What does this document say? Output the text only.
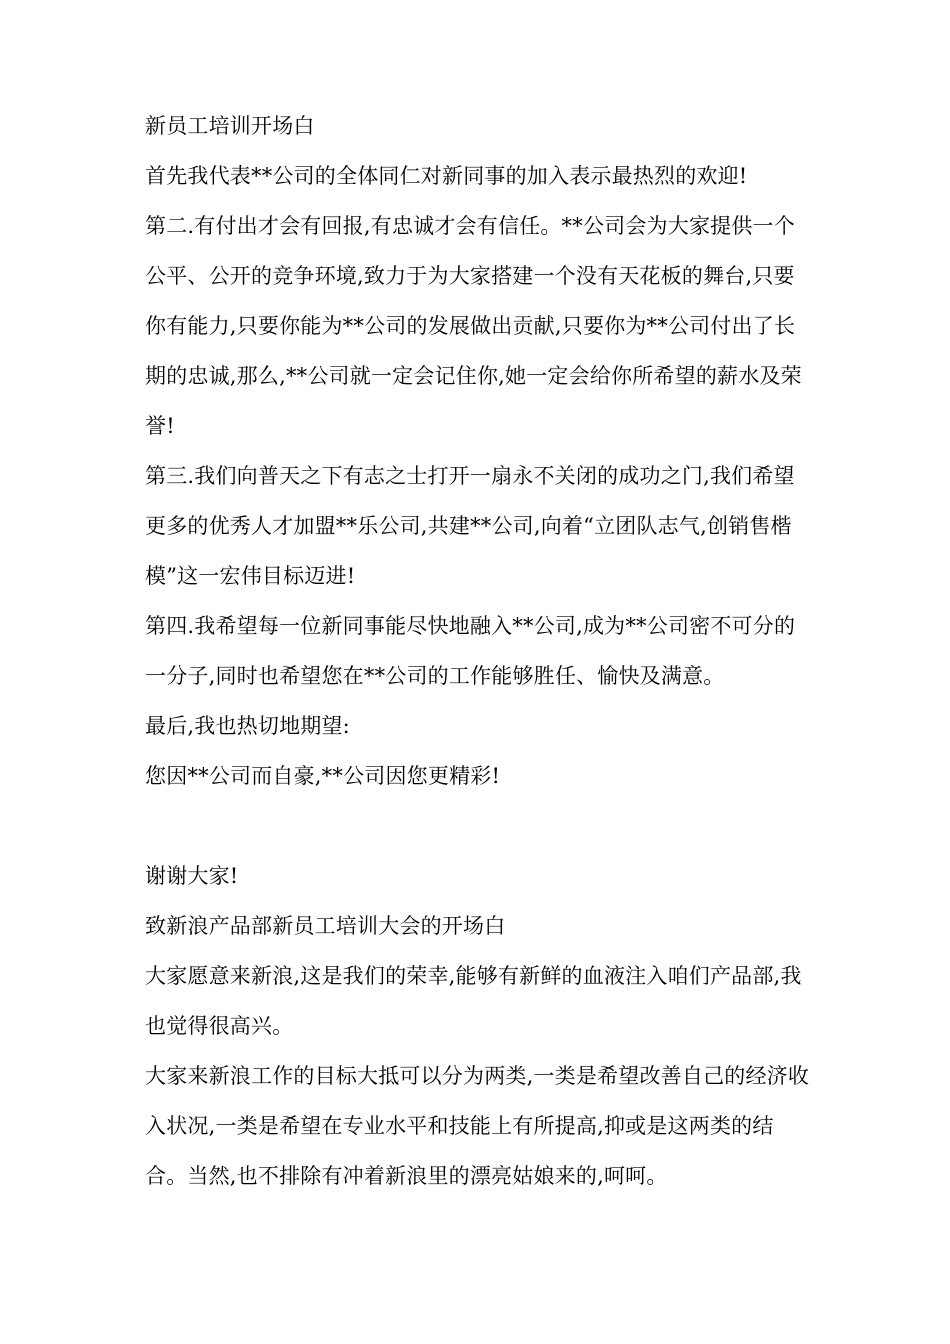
新员工培训开场白

首先我代表**公司的全体同仁对新同事的加入表示最热烈的欢迎!

第二.有付出才会有回报,有忠诚才会有信任。**公司会为大家提供一个公平、公开的竞争环境,致力于为大家搭建一个没有天花板的舞台,只要你有能力,只要你能为**公司的发展做出贡献,只要你为**公司付出了长期的忠诚,那么,**公司就一定会记住你,她一定会给你所希望的薪水及荣誉!

第三.我们向普天之下有志之士打开一扇永不关闭的成功之门,我们希望更多的优秀人才加盟**乐公司,共建**公司,向着“立团队志气,创销售楷模”这一宏伟目标迈进!

第四.我希望每一位新同事能尽快地融入**公司,成为**公司密不可分的一分子,同时也希望您在**公司的工作能够胜任、愉快及满意。

最后,我也热切地期望:

您因**公司而自豪,**公司因您更精彩!

谢谢大家!

致新浪产品部新员工培训大会的开场白

大家愿意来新浪,这是我们的荣幸,能够有新鲜的血液注入咱们产品部,我也觉得很高兴。

大家来新浪工作的目标大抵可以分为两类,一类是希望改善自己的经济收入状况,一类是希望在专业水平和技能上有所提高,抑或是这两类的结合。当然,也不排除有冲着新浪里的漂亮姑娘来的,呵呵。
